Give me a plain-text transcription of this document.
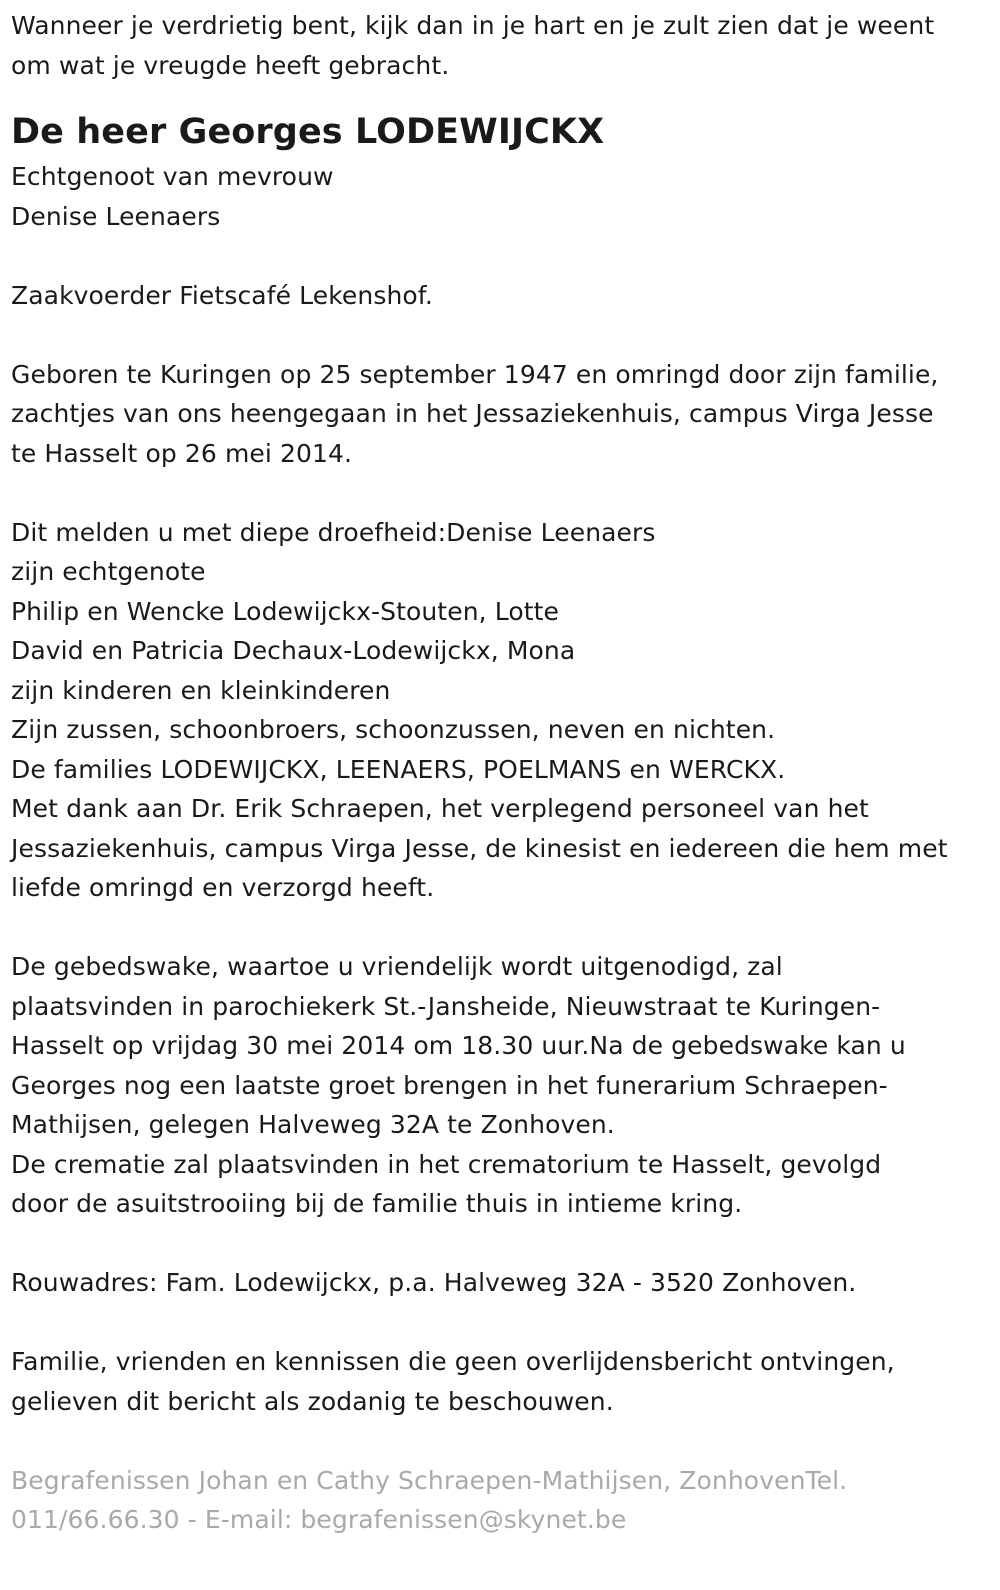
Wanneer je verdrietig bent, kijk dan in je hart en je zult zien dat je weent
om wat je vreugde heeft gebracht.
De heer Georges LODEWIJCKX
Echtgenoot van mevrouw
Denise Leenaers
Zaakvoerder Fietscafé Lekenshof.
Geboren te Kuringen op 25 september 1947 en omringd door zijn familie,
zachtjes van ons heengegaan in het Jessaziekenhuis, campus Virga Jesse
te Hasselt op 26 mei 2014.
Dit melden u met diepe droefheid:Denise Leenaers
zijn echtgenote
Philip en Wencke Lodewijckx-Stouten, Lotte
David en Patricia Dechaux-Lodewijckx, Mona
zijn kinderen en kleinkinderen
Zijn zussen, schoonbroers, schoonzussen, neven en nichten.
De families LODEWIJCKX, LEENAERS, POELMANS en WERCKX.
Met dank aan Dr. Erik Schraepen, het verplegend personeel van het
Jessaziekenhuis, campus Virga Jesse, de kinesist en iedereen die hem met
liefde omringd en verzorgd heeft.
De gebedswake, waartoe u vriendelijk wordt uitgenodigd, zal
plaatsvinden in parochiekerk St.-Jansheide, Nieuwstraat te Kuringen-
Hasselt op vrijdag 30 mei 2014 om 18.30 uur.Na de gebedswake kan u
Georges nog een laatste groet brengen in het funerarium Schraepen-
Mathijsen, gelegen Halveweg 32A te Zonhoven.
De crematie zal plaatsvinden in het crematorium te Hasselt, gevolgd
door de asuitstrooiing bij de familie thuis in intieme kring.
Rouwadres: Fam. Lodewijckx, p.a. Halveweg 32A - 3520 Zonhoven.
Familie, vrienden en kennissen die geen overlijdensbericht ontvingen,
gelieven dit bericht als zodanig te beschouwen.
Begrafenissen Johan en Cathy Schraepen-Mathijsen, ZonhovenTel.
011/66.66.30 - E-mail: begrafenissen@skynet.be
